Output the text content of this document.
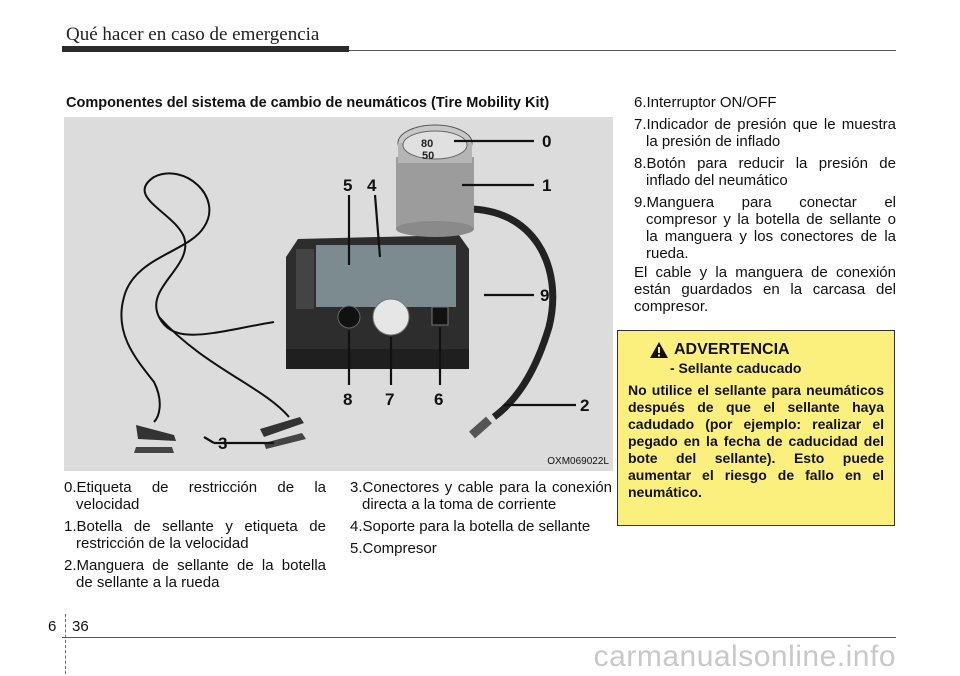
Qué hacer en caso de emergencia
Componentes del sistema de cambio de neumáticos (Tire Mobility Kit)
80
50
0
1
2
3
4
5
6
7
8
9
OXM069022L
0.Etiqueta de restricción de la velocidad
1.Botella de sellante y etiqueta de restricción de la velocidad
2.Manguera de sellante de la botella de sellante a la rueda
3.Conectores y cable para la conexión directa a la toma de corriente
4.Soporte para la botella de sellante
5.Compresor
6.Interruptor ON/OFF
7.Indicador de presión que le muestra la presión de inflado
8.Botón para reducir la presión de inflado del neumático
9.Manguera para conectar el compresor y la botella de sellante o la manguera y los conectores de la rueda.
El cable y la manguera de conexión están guardados en la carcasa del compresor.
ADVERTENCIA
- Sellante caducado
No utilice el sellante para neumáticos después de que el sellante haya cadudado (por ejemplo: realizar el pegado en la fecha de caducidad del bote del sellante). Esto puede aumentar el riesgo de fallo en el neumático.
6 36
carmanualsonline.info
